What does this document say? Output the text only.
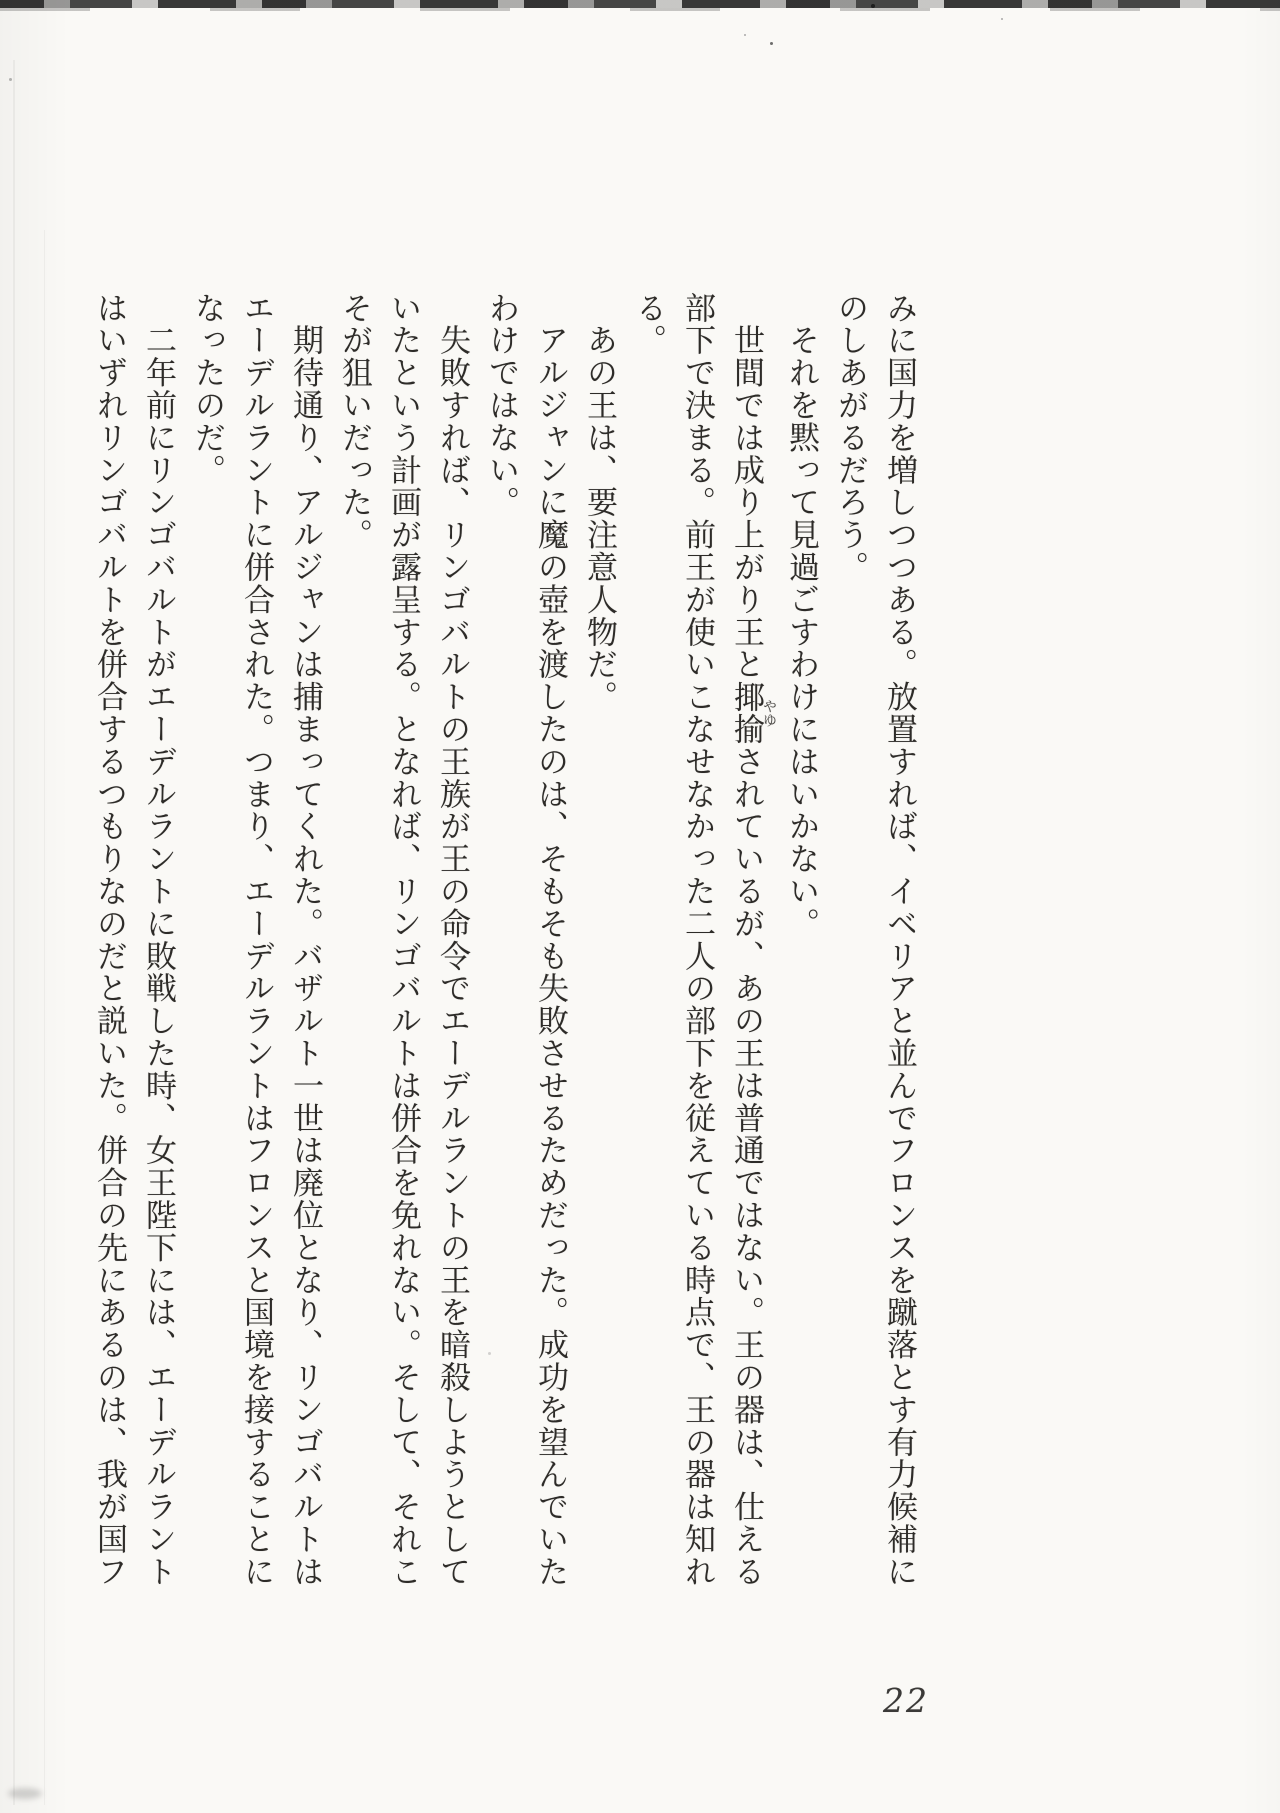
みに国力を増しつつある。放置すれば、イベリアと並んでフロンスを蹴落とす有力候補に
のしあがるだろう。
　それを黙って見過ごすわけにはいかない。
　世間では成り上がり王と揶揄やゆされているが、あの王は普通ではない。王の器は、仕える
部下で決まる。前王が使いこなせなかった二人の部下を従えている時点で、王の器は知れ
る。
　あの王は、要注意人物だ。
　アルジャンに魔の壺を渡したのは、そもそも失敗させるためだった。成功を望んでいた
わけではない。
　失敗すれば、リンゴバルトの王族が王の命令でエーデルラントの王を暗殺しようとして
いたという計画が露呈する。となれば、リンゴバルトは併合を免れない。そして、それこ
そが狙いだった。
　期待通り、アルジャンは捕まってくれた。バザルト一世は廃位となり、リンゴバルトは
エーデルラントに併合された。つまり、エーデルラントはフロンスと国境を接することに
なったのだ。
　二年前にリンゴバルトがエーデルラントに敗戦した時、女王陛下には、エーデルラント
はいずれリンゴバルトを併合するつもりなのだと説いた。併合の先にあるのは、我が国フ
22
